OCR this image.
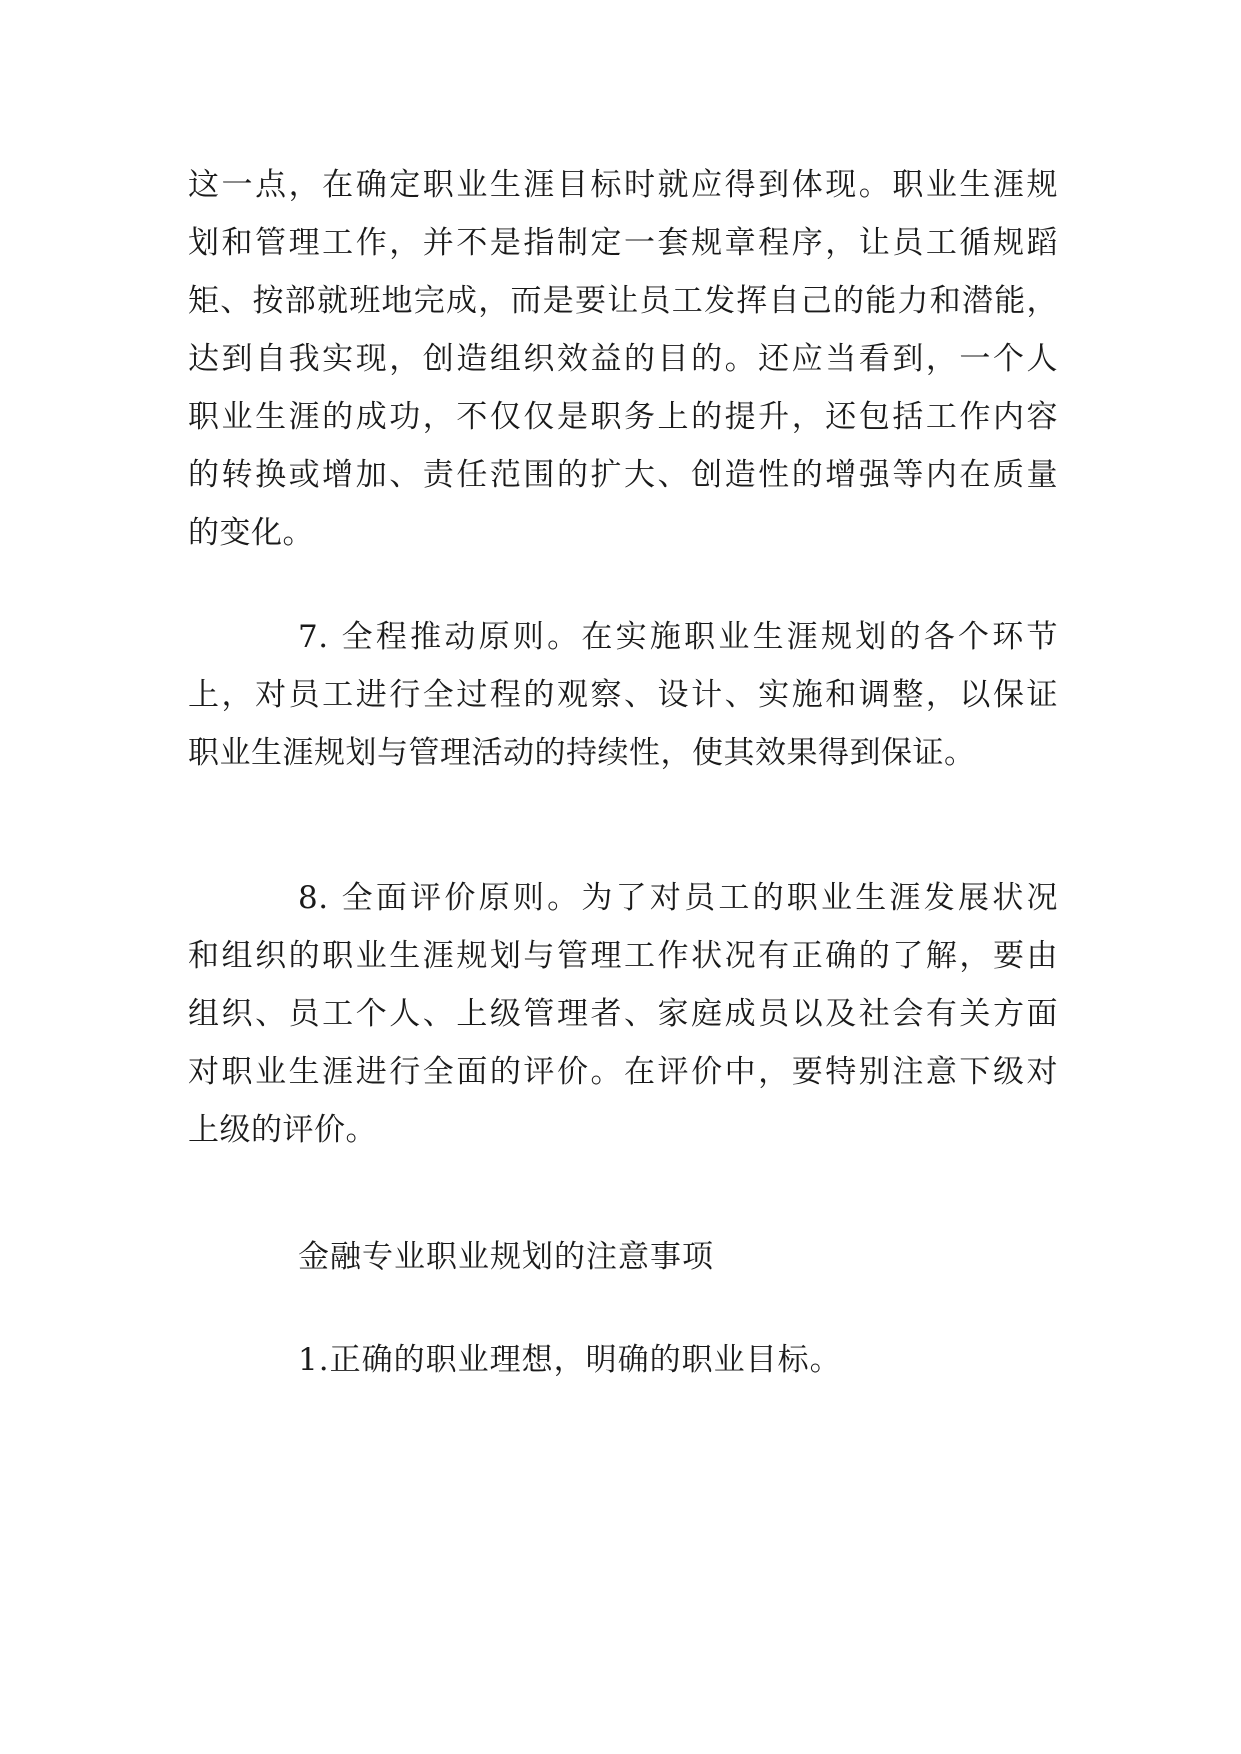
这一点，在确定职业生涯目标时就应得到体现。职业生涯规
划和管理工作，并不是指制定一套规章程序，让员工循规蹈
矩、按部就班地完成，而是要让员工发挥自己的能力和潜能，
达到自我实现，创造组织效益的目的。还应当看到，一个人
职业生涯的成功，不仅仅是职务上的提升，还包括工作内容
的转换或增加、责任范围的扩大、创造性的增强等内在质量
的变化。
7. 全程推动原则。在实施职业生涯规划的各个环节
上，对员工进行全过程的观察、设计、实施和调整，以保证
职业生涯规划与管理活动的持续性，使其效果得到保证。
8. 全面评价原则。为了对员工的职业生涯发展状况
和组织的职业生涯规划与管理工作状况有正确的了解，要由
组织、员工个人、上级管理者、家庭成员以及社会有关方面
对职业生涯进行全面的评价。在评价中，要特别注意下级对
上级的评价。
金融专业职业规划的注意事项
1.正确的职业理想，明确的职业目标。
